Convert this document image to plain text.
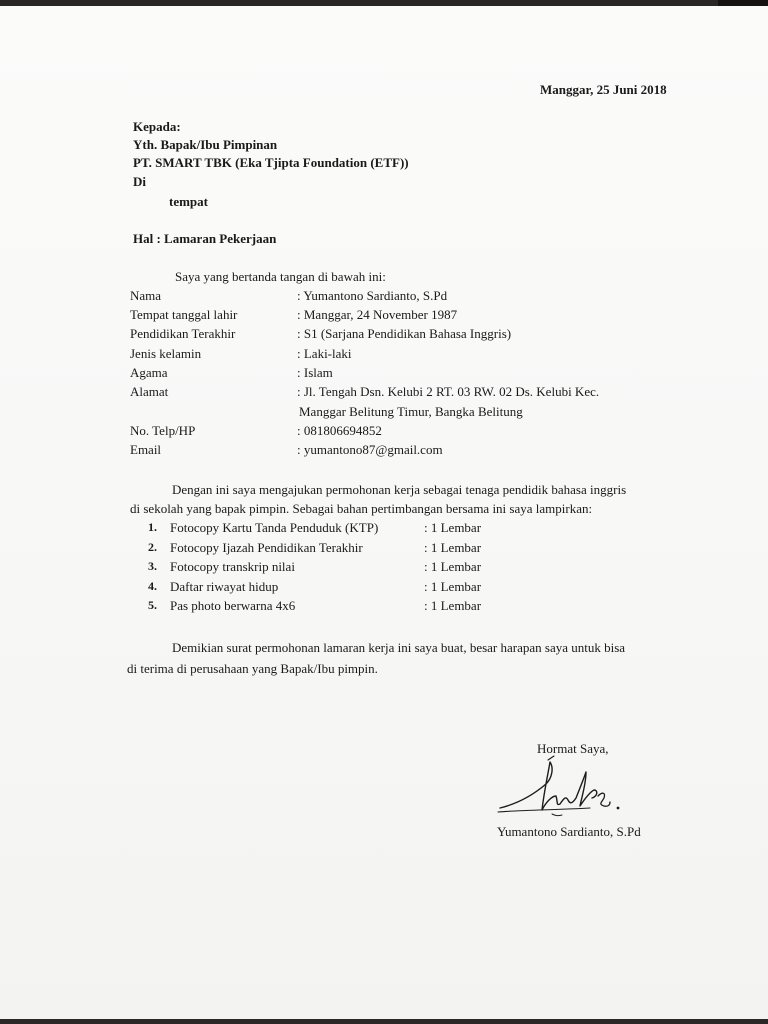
Manggar, 25 Juni 2018
Kepada:
Yth. Bapak/Ibu Pimpinan
PT. SMART TBK (Eka Tjipta Foundation (ETF))
Di
tempat
Hal : Lamaran Pekerjaan
Saya yang bertanda tangan di bawah ini:
Nama	: Yumantono Sardianto, S.Pd
Tempat tanggal lahir	: Manggar, 24 November 1987
Pendidikan Terakhir	: S1 (Sarjana Pendidikan Bahasa Inggris)
Jenis kelamin	: Laki-laki
Agama	: Islam
Alamat	: Jl. Tengah Dsn. Kelubi 2 RT. 03 RW. 02 Ds. Kelubi Kec.
Manggar Belitung Timur, Bangka Belitung
No. Telp/HP	: 081806694852
Email	: yumantono87@gmail.com
Dengan ini saya mengajukan permohonan kerja sebagai tenaga pendidik bahasa inggris
di sekolah yang bapak pimpin. Sebagai bahan pertimbangan bersama ini saya lampirkan:
1.	Fotocopy Kartu Tanda Penduduk (KTP)	: 1 Lembar
2.	Fotocopy Ijazah Pendidikan Terakhir	: 1 Lembar
3.	Fotocopy transkrip nilai	: 1 Lembar
4.	Daftar riwayat hidup	: 1 Lembar
5.	Pas photo berwarna 4x6	: 1 Lembar
Demikian surat permohonan lamaran kerja ini saya buat, besar harapan saya untuk bisa
di terima di perusahaan yang Bapak/Ibu pimpin.
Hormat Saya,
Yumantono Sardianto, S.Pd
